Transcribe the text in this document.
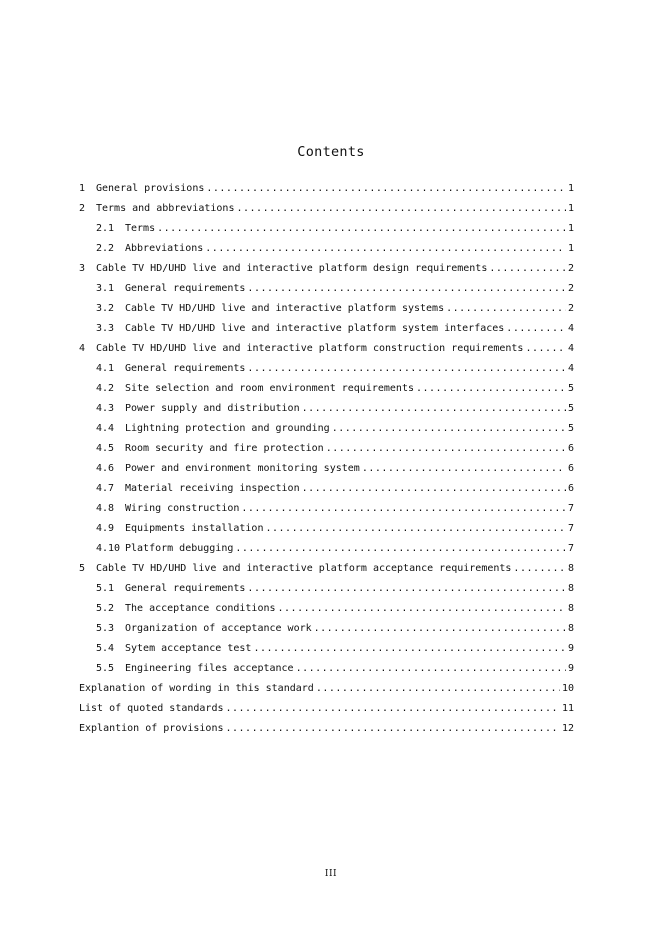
Contents
1	General provisions .....	1
2	Terms and abbreviations .....	1
2.1	Terms .....	1
2.2	Abbreviations .....	1
3	Cable TV HD/UHD live and interactive platform design requirements .....	2
3.1	General requirements .....	2
3.2	Cable TV HD/UHD live and interactive platform systems .....	2
3.3	Cable TV HD/UHD live and interactive platform system interfaces .....	4
4	Cable TV HD/UHD live and interactive platform construction requirements .....	4
4.1	General requirements .....	4
4.2	Site selection and room environment requirements .....	5
4.3	Power supply and distribution .....	5
4.4	Lightning protection and grounding .....	5
4.5	Room security and fire protection .....	6
4.6	Power and environment monitoring system .....	6
4.7	Material receiving inspection .....	6
4.8	Wiring construction .....	7
4.9	Equipments installation .....	7
4.10 Platform debugging .....	7
5	Cable TV HD/UHD live and interactive platform acceptance requirements .....	8
5.1	General requirements .....	8
5.2	The acceptance conditions .....	8
5.3	Organization of acceptance work .....	8
5.4	Sytem acceptance test .....	9
5.5	Engineering files acceptance .....	9
Explanation of wording in this standard .....	10
List of quoted standards .....	11
Explantion of provisions .....	12
III
